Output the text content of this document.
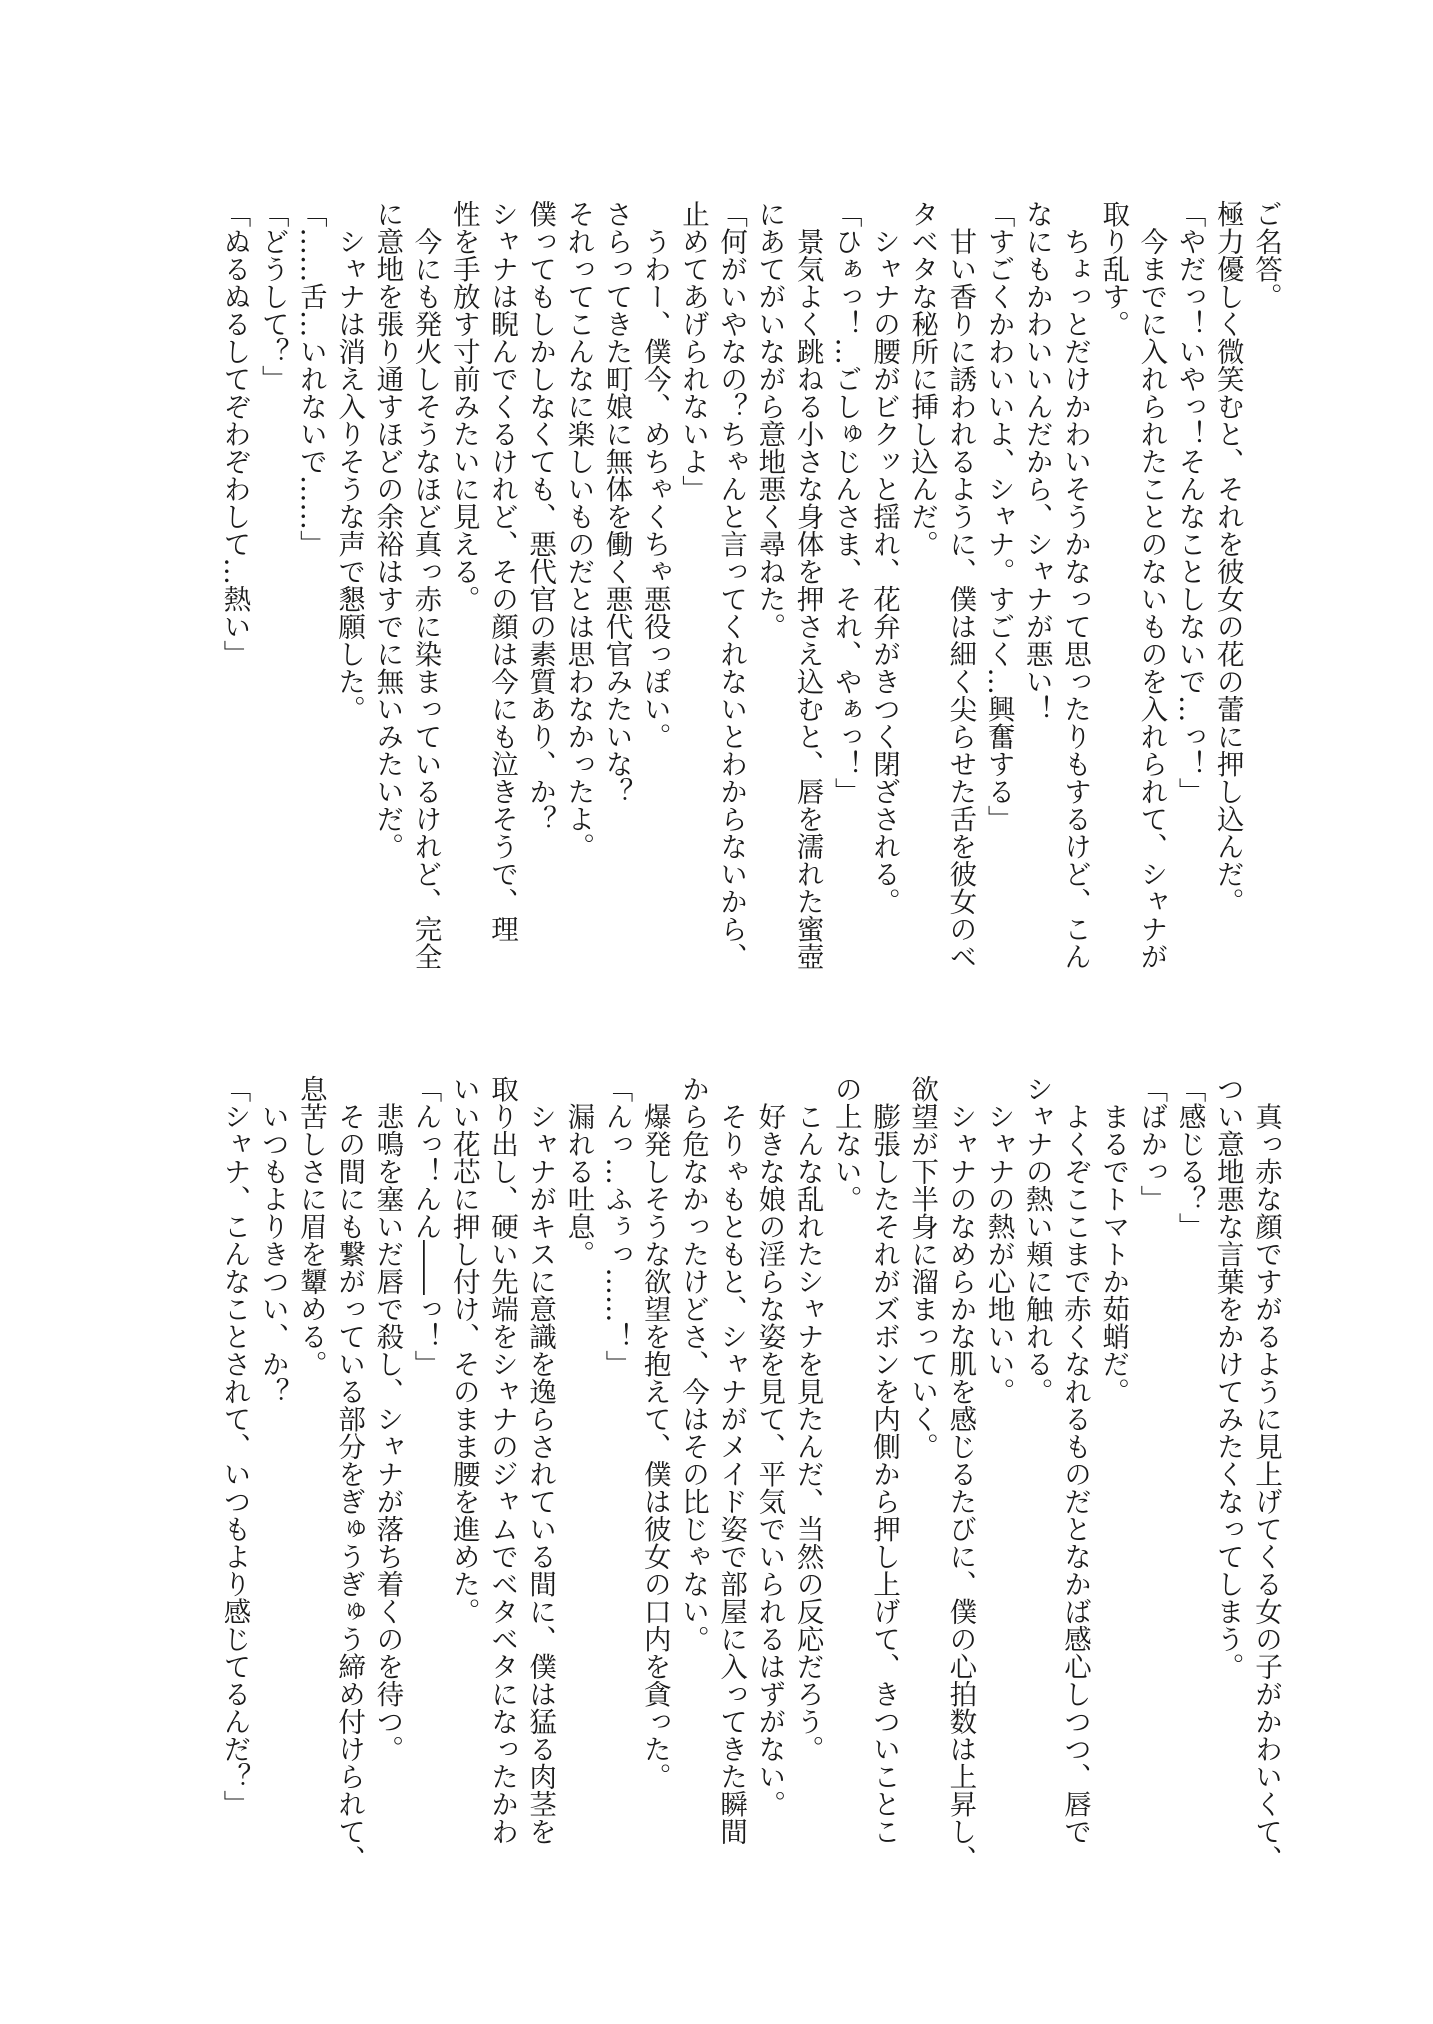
ご名答。
極力優しく微笑むと、それを彼女の花の蕾に押し込んだ。
「やだっ！いやっ！そんなことしないで…っ！」
　今までに入れられたことのないものを入れられて、シャナが
取り乱す。
　ちょっとだけかわいそうかなって思ったりもするけど、こん
なにもかわいいんだから、シャナが悪い！
「すごくかわいいよ、シャナ。すごく…興奮する」
　甘い香りに誘われるように、僕は細く尖らせた舌を彼女のベ
タベタな秘所に挿し込んだ。
　シャナの腰がビクッと揺れ、花弁がきつく閉ざされる。
「ひぁっ！…ごしゅじんさま、それ、やぁっ！」
　景気よく跳ねる小さな身体を押さえ込むと、唇を濡れた蜜壺
にあてがいながら意地悪く尋ねた。
「何がいやなの？ちゃんと言ってくれないとわからないから、
止めてあげられないよ」
　うわー、僕今、めちゃくちゃ悪役っぽい。
さらってきた町娘に無体を働く悪代官みたいな？
それってこんなに楽しいものだとは思わなかったよ。
僕ってもしかしなくても、悪代官の素質あり、か？
シャナは睨んでくるけれど、その顔は今にも泣きそうで、理
性を手放す寸前みたいに見える。
　今にも発火しそうなほど真っ赤に染まっているけれど、完全
に意地を張り通すほどの余裕はすでに無いみたいだ。
　シャナは消え入りそうな声で懇願した。
「……舌…いれないで……」
「どうして？」
「ぬるぬるしてぞわぞわして…熱い」
　真っ赤な顔ですがるように見上げてくる女の子がかわいくて、
つい意地悪な言葉をかけてみたくなってしまう。
「感じる？」
「ばかっ」
　まるでトマトか茹蛸だ。
　よくぞここまで赤くなれるものだとなかば感心しつつ、唇で
シャナの熱い頬に触れる。
　シャナの熱が心地いい。
　シャナのなめらかな肌を感じるたびに、僕の心拍数は上昇し、
欲望が下半身に溜まっていく。
　膨張したそれがズボンを内側から押し上げて、きついことこ
の上ない。
　こんな乱れたシャナを見たんだ、当然の反応だろう。
　好きな娘の淫らな姿を見て、平気でいられるはずがない。
　そりゃもともと、シャナがメイド姿で部屋に入ってきた瞬間
から危なかったけどさ、今はその比じゃない。
　爆発しそうな欲望を抱えて、僕は彼女の口内を貪った。
「んっ…ふぅっ……！」
　漏れる吐息。
　シャナがキスに意識を逸らされている間に、僕は猛る肉茎を
取り出し、硬い先端をシャナのジャムでベタベタになったかわ
いい花芯に押し付け、そのまま腰を進めた。
「んっ！んん――っ！」
　悲鳴を塞いだ唇で殺し、シャナが落ち着くのを待つ。
　その間にも繋がっている部分をぎゅうぎゅう締め付けられて、
息苦しさに眉を顰める。
　いつもよりきつい、か？
「シャナ、こんなことされて、いつもより感じてるんだ？」
